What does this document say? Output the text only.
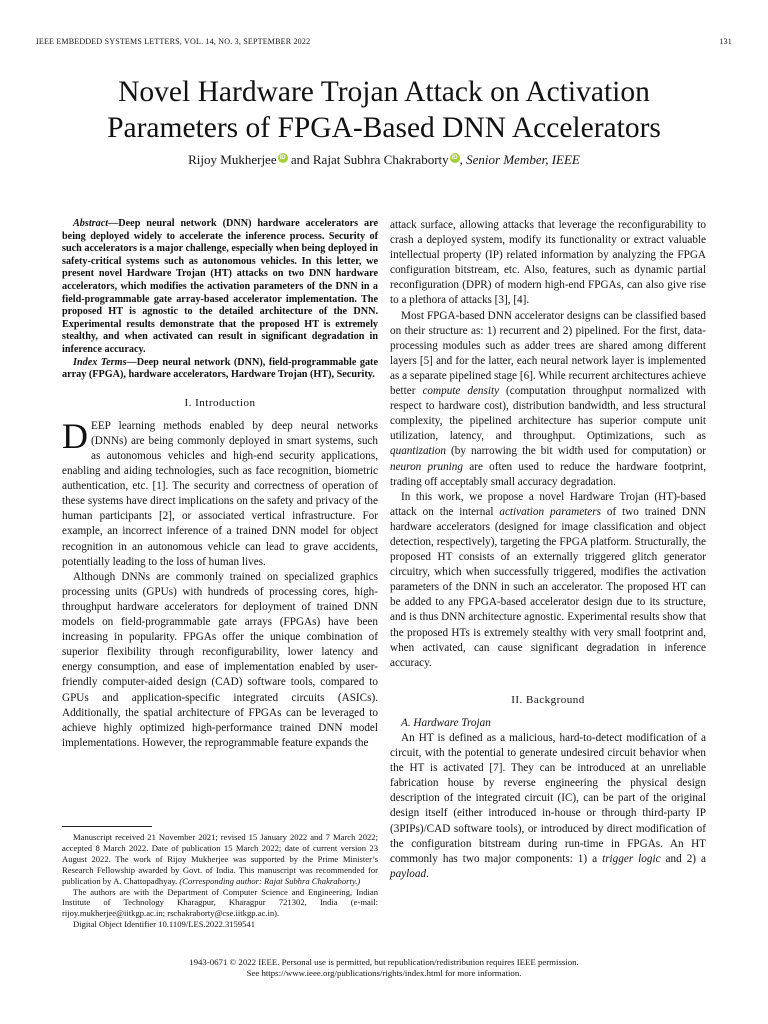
IEEE EMBEDDED SYSTEMS LETTERS, VOL. 14, NO. 3, SEPTEMBER 2022	131
Novel Hardware Trojan Attack on Activation
Parameters of FPGA-Based DNN Accelerators
Rijoy Mukherjee iD and Rajat Subhra Chakraborty iD , Senior Member, IEEE

Abstract—Deep neural network (DNN) hardware accelerators are being deployed widely to accelerate the inference process. Security of such accelerators is a major challenge, especially when being deployed in safety-critical systems such as autonomous vehicles. In this letter, we present novel Hardware Trojan (HT) attacks on two DNN hardware accelerators, which modifies the activation parameters of the DNN in a field-programmable gate array-based accelerator implementation. The proposed HT is agnostic to the detailed architecture of the DNN. Experimental results demonstrate that the proposed HT is extremely stealthy, and when activated can result in significant degradation in inference accuracy.

Index Terms—Deep neural network (DNN), field-programmable gate array (FPGA), hardware accelerators, Hardware Trojan (HT), Security.

I. Introduction

DEEP learning methods enabled by deep neural networks (DNNs) are being commonly deployed in smart systems, such as autonomous vehicles and high-end security applications, enabling and aiding technologies, such as face recognition, biometric authentication, etc. [1]. The security and correctness of operation of these systems have direct implications on the safety and privacy of the human participants [2], or associated vertical infrastructure. For example, an incorrect inference of a trained DNN model for object recognition in an autonomous vehicle can lead to grave accidents, potentially leading to the loss of human lives.

Although DNNs are commonly trained on specialized graphics processing units (GPUs) with hundreds of processing cores, high-throughput hardware accelerators for deployment of trained DNN models on field-programmable gate arrays (FPGAs) have been increasing in popularity. FPGAs offer the unique combination of superior flexibility through reconfigurability, lower latency and energy consumption, and ease of implementation enabled by user-friendly computer-aided design (CAD) software tools, compared to GPUs and application-specific integrated circuits (ASICs). Additionally, the spatial architecture of FPGAs can be leveraged to achieve highly optimized high-performance trained DNN model implementations. However, the reprogrammable feature expands the

attack surface, allowing attacks that leverage the reconfigurability to crash a deployed system, modify its functionality or extract valuable intellectual property (IP) related information by analyzing the FPGA configuration bitstream, etc. Also, features, such as dynamic partial reconfiguration (DPR) of modern high-end FPGAs, can also give rise to a plethora of attacks [3], [4].

Most FPGA-based DNN accelerator designs can be classified based on their structure as: 1) recurrent and 2) pipelined. For the first, data-processing modules such as adder trees are shared among different layers [5] and for the latter, each neural network layer is implemented as a separate pipelined stage [6]. While recurrent architectures achieve better compute density (computation throughput normalized with respect to hardware cost), distribution bandwidth, and less structural complexity, the pipelined architecture has superior compute unit utilization, latency, and throughput. Optimizations, such as quantization (by narrowing the bit width used for computation) or neuron pruning are often used to reduce the hardware footprint, trading off acceptably small accuracy degradation.

In this work, we propose a novel Hardware Trojan (HT)-based attack on the internal activation parameters of two trained DNN hardware accelerators (designed for image classification and object detection, respectively), targeting the FPGA platform. Structurally, the proposed HT consists of an externally triggered glitch generator circuitry, which when successfully triggered, modifies the activation parameters of the DNN in such an accelerator. The proposed HT can be added to any FPGA-based accelerator design due to its structure, and is thus DNN architecture agnostic. Experimental results show that the proposed HTs is extremely stealthy with very small footprint and, when activated, can cause significant degradation in inference accuracy.

II. Background

A. Hardware Trojan

An HT is defined as a malicious, hard-to-detect modification of a circuit, with the potential to generate undesired circuit behavior when the HT is activated [7]. They can be introduced at an unreliable fabrication house by reverse engineering the physical design description of the integrated circuit (IC), can be part of the original design itself (either introduced in-house or through third-party IP (3PIPs)/CAD software tools), or introduced by direct modification of the configuration bitstream during run-time in FPGAs. An HT commonly has two major components: 1) a trigger logic and 2) a payload.

Manuscript received 21 November 2021; revised 15 January 2022 and 7 March 2022; accepted 8 March 2022. Date of publication 15 March 2022; date of current version 23 August 2022. The work of Rijoy Mukherjee was supported by the Prime Minister’s Research Fellowship awarded by Govt. of India. This manuscript was recommended for publication by A. Chattopadhyay. (Corresponding author: Rajat Subhra Chakraborty.)

The authors are with the Department of Computer Science and Engineering, Indian Institute of Technology Kharagpur, Kharagpur 721302, India (e-mail: rijoy.mukherjee@iitkgp.ac.in; rschakraborty@cse.iitkgp.ac.in).

Digital Object Identifier 10.1109/LES.2022.3159541

1943-0671 © 2022 IEEE. Personal use is permitted, but republication/redistribution requires IEEE permission.
See https://www.ieee.org/publications/rights/index.html for more information.
